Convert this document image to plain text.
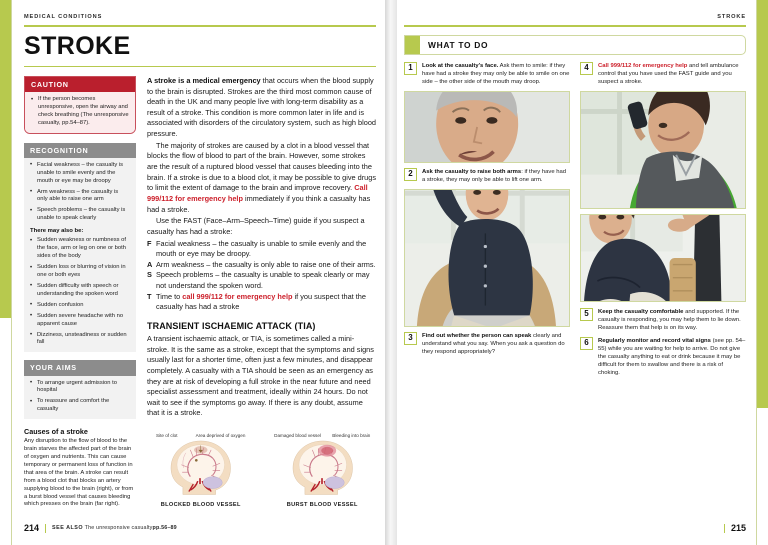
MEDICAL CONDITIONS
STROKE
CAUTION
• If the person becomes unresponsive, open the airway and check breathing (The unresponsive casualty, pp.54–87).
RECOGNITION
• Facial weakness – the casualty is unable to smile evenly and the mouth or eye may be droopy
• Arm weakness – the casualty is only able to raise one arm
• Speech problems – the casualty is unable to speak clearly
There may also be:
• Sudden weakness or numbness of the face, arm or leg on one or both sides of the body
• Sudden loss or blurring of vision in one or both eyes
• Sudden difficulty with speech or understanding the spoken word
• Sudden confusion
• Sudden severe headache with no apparent cause
• Dizziness, unsteadiness or sudden fall
YOUR AIMS
• To arrange urgent admission to hospital
• To reassure and comfort the casualty
Causes of a stroke
Any disruption to the flow of blood to the brain starves the affected part of the brain of oxygen and nutrients. This can cause temporary or permanent loss of function in that area of the brain. A stroke can result from a blood clot that blocks an artery supplying blood to the brain (right), or from a burst blood vessel that causes bleeding which presses on the brain (far right).

A stroke is a medical emergency that occurs when the blood supply to the brain is disrupted. Strokes are the third most common cause of death in the UK and many people live with long-term disability as a result of a stroke. This condition is more common later in life and is associated with disorders of the circulatory system, such as high blood pressure.

The majority of strokes are caused by a clot in a blood vessel that blocks the flow of blood to part of the brain. However, some strokes are the result of a ruptured blood vessel that causes bleeding into the brain. If a stroke is due to a blood clot, it may be possible to give drugs to limit the extent of damage to the brain and improve recovery. Call 999/112 for emergency help immediately if you think a casualty has had a stroke.

Use the FAST (Face–Arm–Speech–Time) guide if you suspect a casualty has had a stroke:

F Facial weakness – the casualty is unable to smile evenly and the mouth or eye may be droopy.
A Arm weakness – the casualty is only able to raise one of their arms.
S Speech problems – the casualty is unable to speak clearly or may not understand the spoken word.
T Time to call 999/112 for emergency help if you suspect that the casualty has had a stroke
TRANSIENT ISCHAEMIC ATTACK (TIA)

A transient ischaemic attack, or TIA, is sometimes called a mini-stroke. It is the same as a stroke, except that the symptoms and signs usually last for a shorter time, often just a few minutes, and disappear completely. A casualty with a TIA should be seen as an emergency as they are at risk of developing a full stroke in the near future and need specialist assessment and treatment, ideally within 24 hours. Do not wait to see if the symptoms go away. If there is any doubt, assume that it is a stroke.

Site of clot	Area deprived of oxygen
BLOCKED BLOOD VESSEL
Damaged blood vessel Bleeding into brain
BURST BLOOD VESSEL
214 SEE ALSO The unresponsive casualtypp.56–89
STROKE
WHAT TO DO
1	Look at the casualty's face. Ask them to smile: if they have had a stroke they may only be able to smile on one side – the other side of the mouth may droop.
2	Ask the casualty to raise both arms: if they have had a stroke, they may only be able to lift one arm.
3	Find out whether the person can speak clearly and understand what you say. When you ask a question do they respond appropriately?
4	Call 999/112 for emergency help and tell ambulance control that you have used the FAST guide and you suspect a stroke.
5	Keep the casualty comfortable and supported. If the casualty is responding, you may help them to lie down. Reassure them that help is on its way.
6	Regularly monitor and record vital signs (see pp. 54–55) while you are waiting for help to arrive. Do not give the casualty anything to eat or drink because it may be difficult for them to swallow and there is a risk of choking.
215
